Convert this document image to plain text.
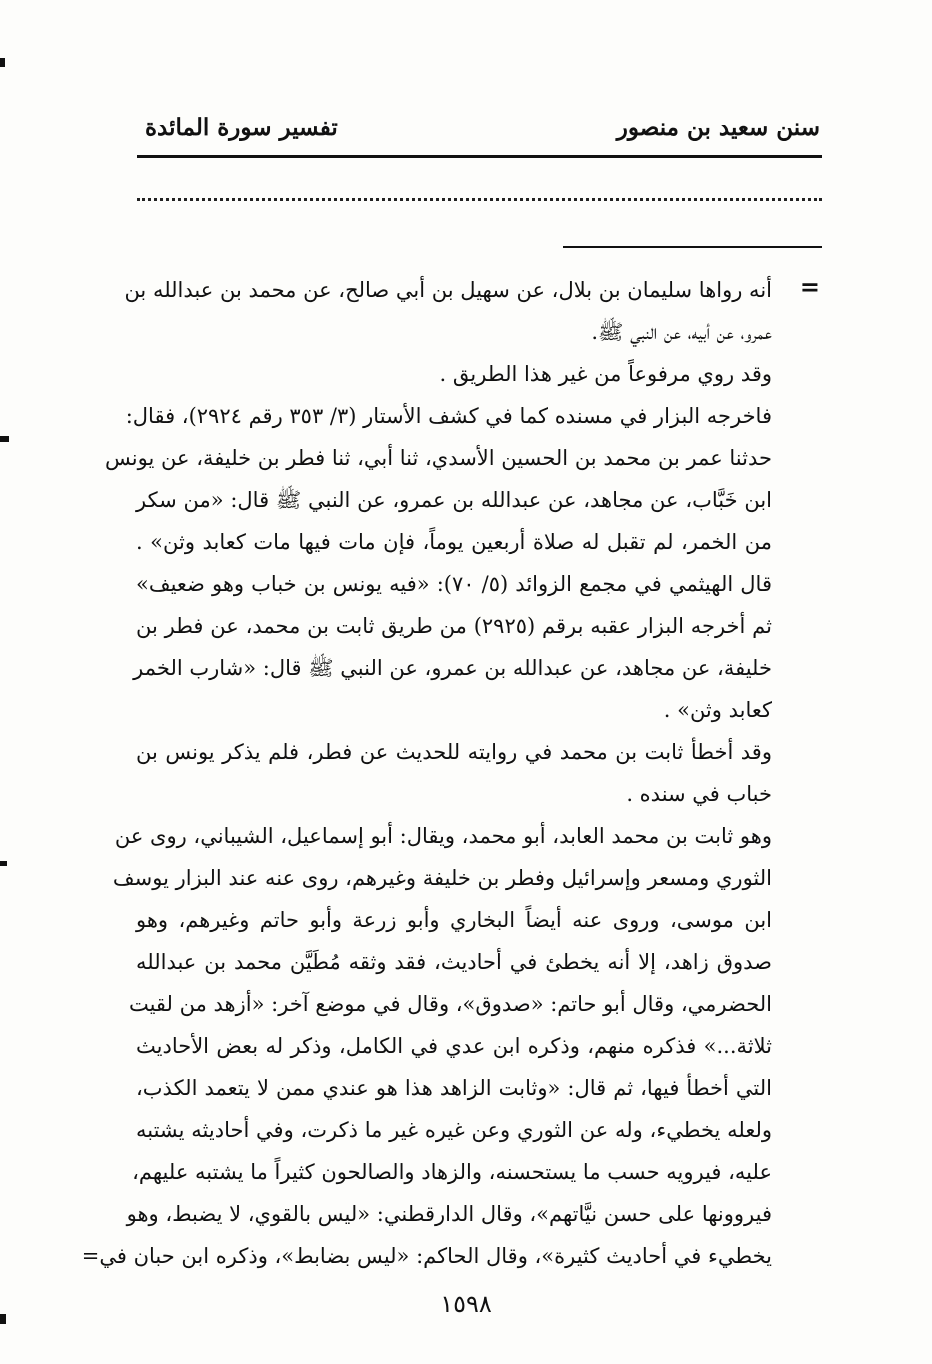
سنن سعيد بن منصور
تفسير سورة المائدة
=
أنه رواها سليمان بن بلال، عن سهيل بن أبي صالح، عن محمد بن عبدالله بن
عمرو، عن أبيه، عن النبي ﷺ.
وقد روي مرفوعاً من غير هذا الطريق .
فاخرجه البزار في مسنده كما في كشف الأستار (٣/ ٣٥٣ رقم ٢٩٢٤)، فقال:
حدثنا عمر بن محمد بن الحسين الأسدي، ثنا أبي، ثنا فطر بن خليفة، عن يونس
ابن خَبَّاب، عن مجاهد، عن عبدالله بن عمرو، عن النبي ﷺ قال: «من سكر
من الخمر، لم تقبل له صلاة أربعين يوماً، فإن مات فيها مات كعابد وثن» .
قال الهيثمي في مجمع الزوائد (٥/ ٧٠): «فيه يونس بن خباب وهو ضعيف»
ثم أخرجه البزار عقبه برقم (٢٩٢٥) من طريق ثابت بن محمد، عن فطر بن
خليفة، عن مجاهد، عن عبدالله بن عمرو، عن النبي ﷺ قال: «شارب الخمر
كعابد وثن» .
وقد أخطأ ثابت بن محمد في روايته للحديث عن فطر، فلم يذكر يونس بن
خباب في سنده .
وهو ثابت بن محمد العابد، أبو محمد، ويقال: أبو إسماعيل، الشيباني، روى عن
الثوري ومسعر وإسرائيل وفطر بن خليفة وغيرهم، روى عنه عند البزار يوسف
ابن موسى، وروى عنه أيضاً البخاري وأبو زرعة وأبو حاتم وغيرهم، وهو
صدوق زاهد، إلا أنه يخطئ في أحاديث، فقد وثقه مُطَيَّن محمد بن عبدالله
الحضرمي، وقال أبو حاتم: «صدوق»، وقال في موضع آخر: «أزهد من لقيت
ثلاثة...» فذكره منهم، وذكره ابن عدي في الكامل، وذكر له بعض الأحاديث
التي أخطأ فيها، ثم قال: «وثابت الزاهد هذا هو عندي ممن لا يتعمد الكذب،
ولعله يخطيء، وله عن الثوري وعن غيره غير ما ذكرت، وفي أحاديثه يشتبه
عليه، فيرويه حسب ما يستحسنه، والزهاد والصالحون كثيراً ما يشتبه عليهم،
فيروونها على حسن نيَّاتهم»، وقال الدارقطني: «ليس بالقوي، لا يضبط، وهو
يخطيء في أحاديث كثيرة»، وقال الحاكم: «ليس بضابط»، وذكره ابن حبان في=
١٥٩٨
